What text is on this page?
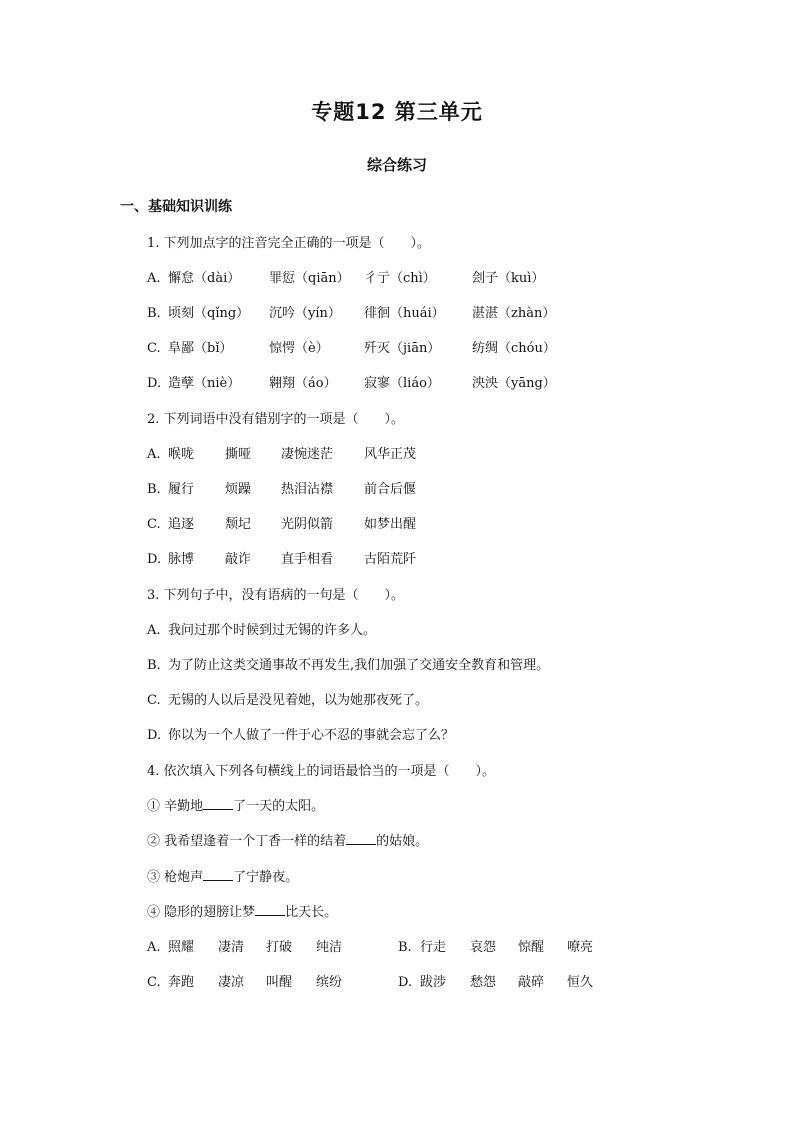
专题12 第三单元
综合练习
一、基础知识训练
1. 下列加点字的注音完全正确的一项是（　　）。
A. 懈怠（dài） 罪愆（qiān） 彳亍（chì）	刽子（kuì）
B. 顷刻（qǐng） 沉吟（yín） 徘徊（huái） 湛湛（zhàn）
C. 阜鄙（bǐ）	惊愕（è）	歼灭（jiān） 纺绸（chóu）
D. 造孽（niè） 翱翔（áo） 寂寥（liáo） 泱泱（yāng）
2. 下列词语中没有错别字的一项是（　　）。
A. 喉咙 撕哑 凄惋迷茫 风华正茂
B. 履行 烦躁 热泪沾襟 前合后偃
C. 追逐 颓圮 光阴似箭 如梦出醒
D. 脉博 敲诈 直手相看 古陌荒阡
3. 下列句子中，没有语病的一句是（　　）。
A. 我问过那个时候到过无锡的许多人。
B. 为了防止这类交通事故不再发生,我们加强了交通安全教育和管理。
C. 无锡的人以后是没见着她，以为她那夜死了。
D. 你以为一个人做了一件于心不忍的事就会忘了么？
4. 依次填入下列各句横线上的词语最恰当的一项是（　　）。
① 辛勤地 了一天的太阳。
② 我希望逢着一个丁香一样的结着 的姑娘。
③ 枪炮声 了宁静夜。
④ 隐形的翅膀让梦 比天长。
A. 照耀 凄清 打破 纯洁	B. 行走 哀怨 惊醒 嘹亮
C. 奔跑 凄凉 叫醒 缤纷	D. 跋涉 愁怨 敲碎 恒久
